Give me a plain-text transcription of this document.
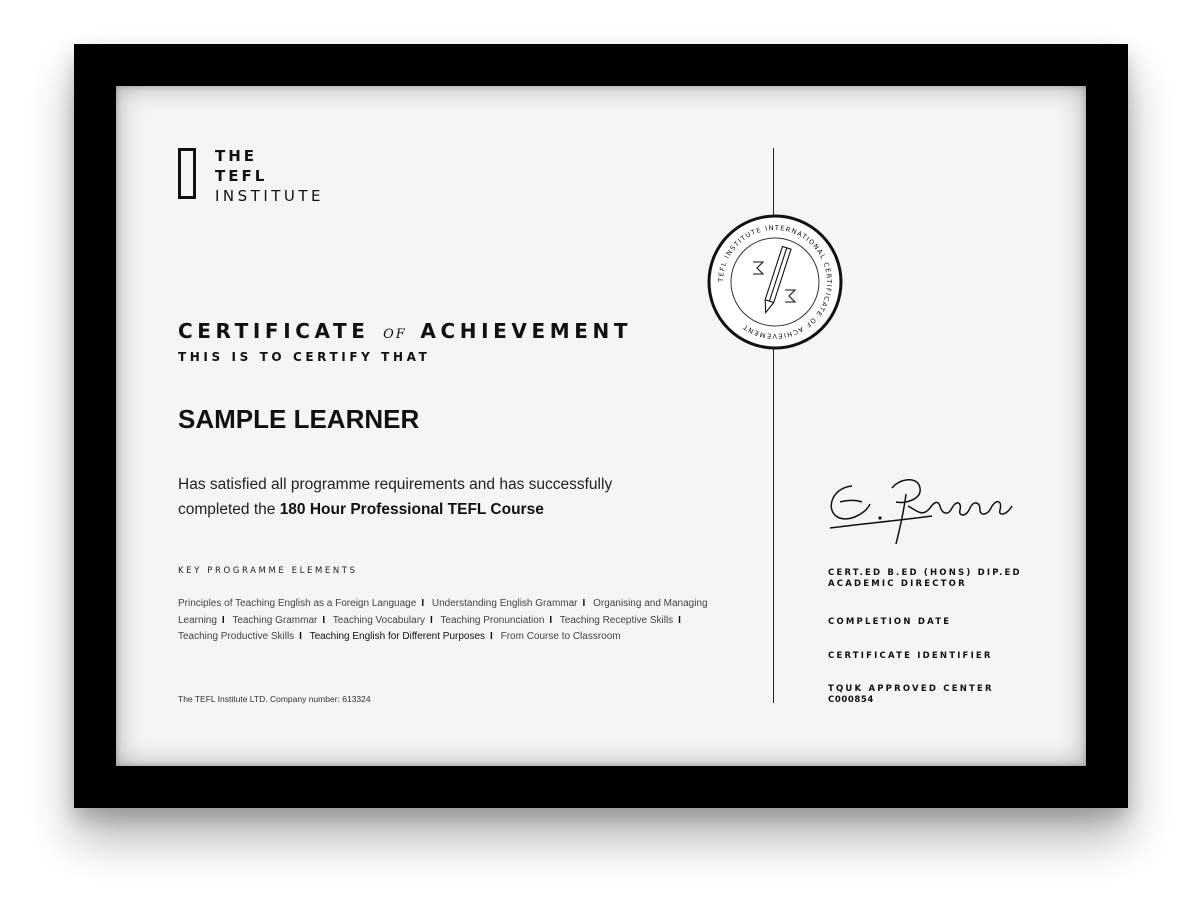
THE
TEFL
INSTITUTE
CERTIFICATE OF ACHIEVEMENT
THIS IS TO CERTIFY THAT
SAMPLE LEARNER
Has satisfied all programme requirements and has successfully completed the 180 Hour Professional TEFL Course
KEY PROGRAMME ELEMENTS
Principles of Teaching English as a Foreign Language I Understanding English Grammar I Organising and Managing Learning I Teaching Grammar I Teaching Vocabulary I Teaching Pronunciation I Teaching Receptive Skills I Teaching Productive Skills I Teaching English for Different Purposes I From Course to Classroom
The TEFL Institute LTD. Company number: 613324
TEFL INSTITUTE INTERNATIONAL CERTIFICATE OF ACHIEVEMENT
CERT.ED B.ED (HONS) DIP.ED
ACADEMIC DIRECTOR
COMPLETION DATE
CERTIFICATE IDENTIFIER
TQUK APPROVED CENTER
C000854
